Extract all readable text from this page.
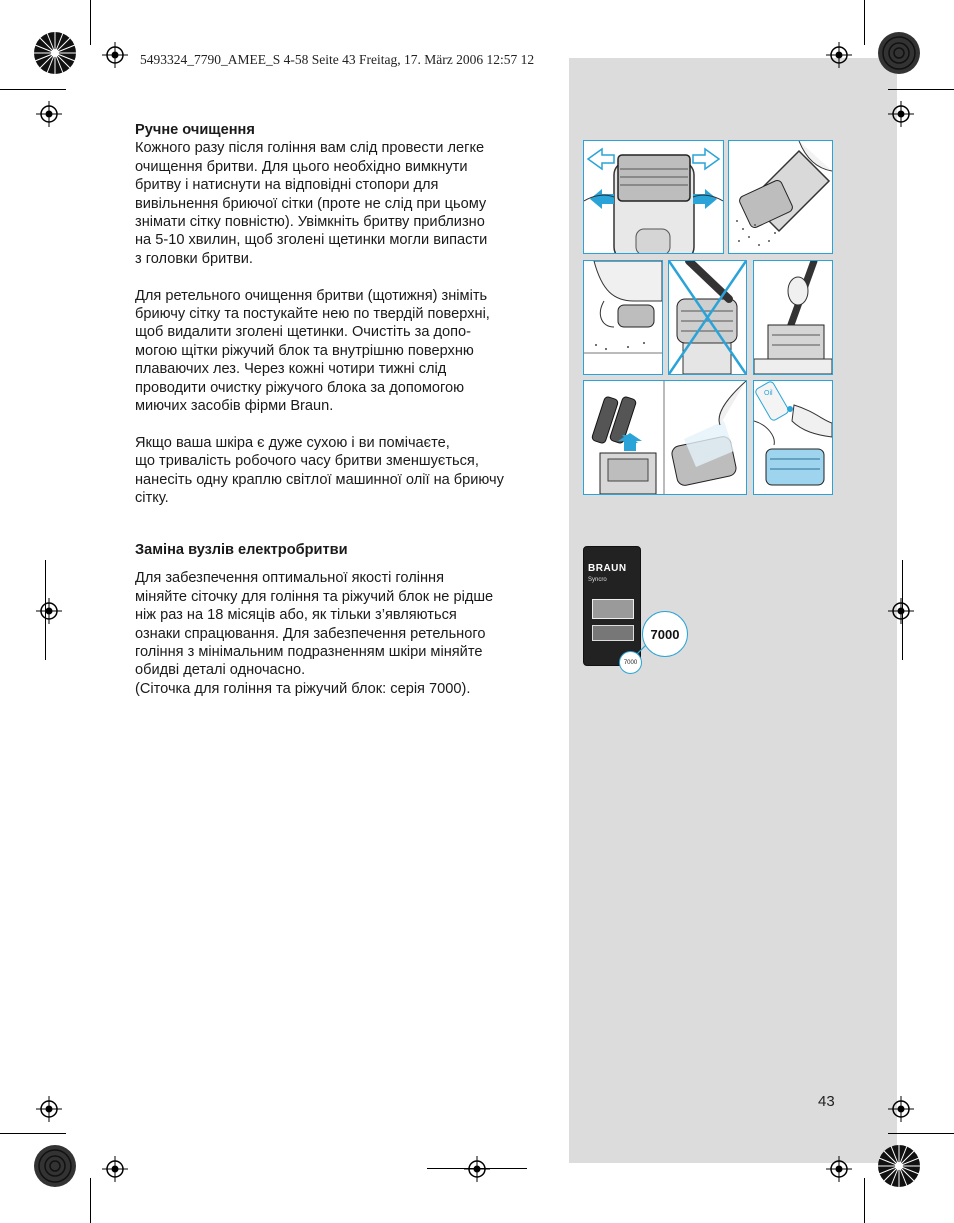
5493324_7790_AMEE_S 4-58 Seite 43 Freitag, 17. März 2006 12:57 12
Ручне очищення

Кожного разу після гоління вам слід провести легке
очищення бритви. Для цього необхідно вимкнути
бритву і натиснути на відповідні стопори для
вивільнення бриючої сітки (проте не слід при цьому
знімати сітку повністю). Увімкніть бритву приблизно
на 5-10 хвилин, щоб зголені щетинки могли випасти
з головки бритви.

Для ретельного очищення бритви (щотижня) зніміть
бриючу сітку та постукайте нею по твердій поверхні,
щоб видалити зголені щетинки. Очистіть за допо-
могою щітки ріжучий блок та внутрішню поверхню
плаваючих лез. Через кожні чотири тижні слід
проводити очистку ріжучого блока за допомогою
миючих засобів фірми Braun.

Якщо ваша шкіра є дуже сухою і ви помічаєте,
що тривалість робочого часу бритви зменшується,
нанесіть одну краплю світлої машинної олії на бриючу
сітку.

Заміна вузлів електробритви

Для забезпечення оптимальної якості гоління
міняйте сіточку для гоління та ріжучий блок не рідше
ніж раз на 18 місяців або, як тільки з’являються
ознаки спрацювання. Для забезпечення ретельного
гоління з мінімальним подразненням шкіри міняйте
обидві деталі одночасно.
(Сіточка для гоління та ріжучий блок: серія 7000).

43
Oil
BRAUN
Syncro
7000
7000
